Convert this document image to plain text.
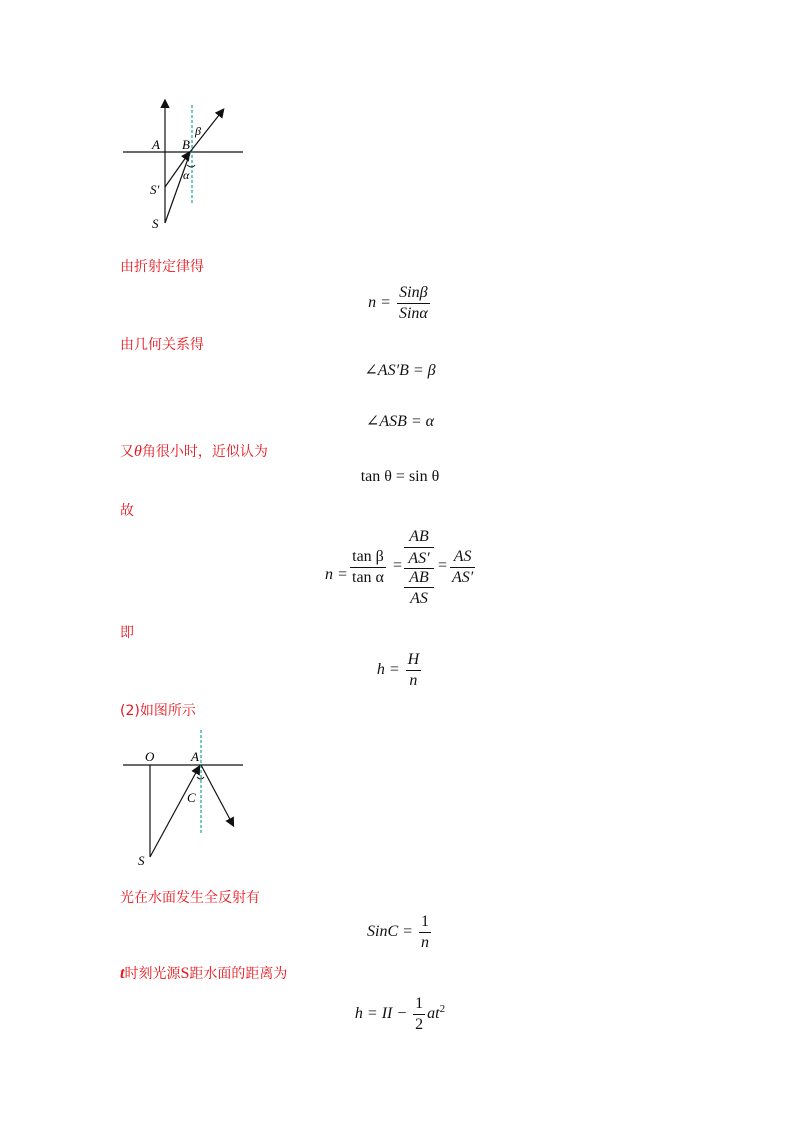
A B
β
α
S′
S
由折射定律得
$n = \frac{\text{Sinβ}}{\text{Sinα}}$
由几何关系得
∠AS′B = β
∠ASB = α
又θ角很小时，近似认为
tan θ = sin θ
故
$n = \frac{\text{tan β}}{\text{tan α}}$ =
AB
AS′
AB
AS
= $\frac{AS}{AS'}$
即
$h = \frac{H}{n}$
(2)如图所示
O	A
C
S
光在水面发生全反射有
SinC = $\frac{1}{n}$
t时刻光源S距水面的距离为
h = II − $\frac{1}{2} at^2$
